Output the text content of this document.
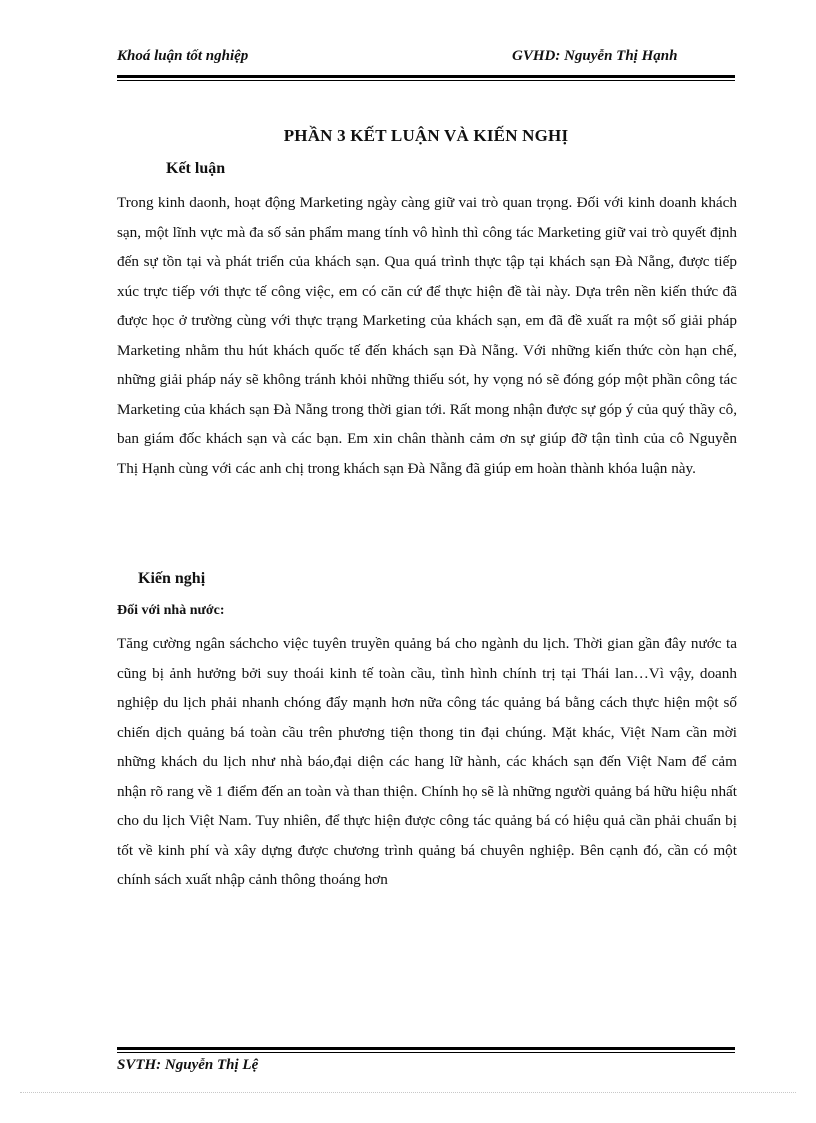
Khoá luận tốt nghiệp	GVHD: Nguyễn Thị Hạnh
PHẦN 3 KẾT LUẬN VÀ KIẾN NGHỊ
Kết luận
Trong kinh daonh, hoạt động Marketing ngày càng giữ vai trò quan trọng. Đối với kinh doanh khách sạn, một lĩnh vực mà đa số sản phẩm mang tính vô hình thì công tác Marketing giữ vai trò quyết định đến sự tồn tại và phát triển của khách sạn. Qua quá trình thực tập tại khách sạn Đà Nẵng, được tiếp xúc trực tiếp với thực tế công việc, em có căn cứ để thực hiện đề tài này. Dựa trên nền kiến thức đã được học ở trường cùng với thực trạng Marketing của khách sạn, em đã đề xuất ra một số giải pháp Marketing nhằm thu hút khách quốc tế đến khách sạn Đà Nẵng. Với những kiến thức còn hạn chế, những giải pháp náy sẽ không tránh khỏi những thiếu sót, hy vọng nó sẽ đóng góp một phần công tác Marketing của khách sạn Đà Nẵng trong thời gian tới. Rất mong nhận được sự góp ý của quý thầy cô, ban giám đốc khách sạn và các bạn. Em xin chân thành cảm ơn sự giúp đỡ tận tình của cô Nguyễn Thị Hạnh cùng với các anh chị trong khách sạn Đà Nẵng đã giúp em hoàn thành khóa luận này.
Kiến nghị
Đối với nhà nước:
Tăng cường ngân sáchcho việc tuyên truyền quảng bá cho ngành du lịch. Thời gian gần đây nước ta cũng bị ảnh hưởng bởi suy thoái kinh tế toàn cầu, tình hình chính trị tại Thái lan…Vì vậy, doanh nghiệp du lịch phải nhanh chóng đẩy mạnh hơn nữa công tác quảng bá bằng cách thực hiện một số chiến dịch quảng bá toàn cầu trên phương tiện thong tin đại chúng. Mặt khác, Việt Nam cần mời những khách du lịch như nhà báo,đại diện các hang lữ hành, các khách sạn đến Việt Nam để cảm nhận rõ rang về 1 điểm đến an toàn và than thiện. Chính họ sẽ là những người quảng bá hữu hiệu nhất cho du lịch Việt Nam. Tuy nhiên, để thực hiện được công tác quảng bá có hiệu quả cần phải chuẩn bị tốt về kinh phí và xây dựng được chương trình quảng bá chuyên nghiệp. Bên cạnh đó, cần có một chính sách xuất nhập cảnh thông thoáng hơn
SVTH: Nguyễn Thị Lệ
